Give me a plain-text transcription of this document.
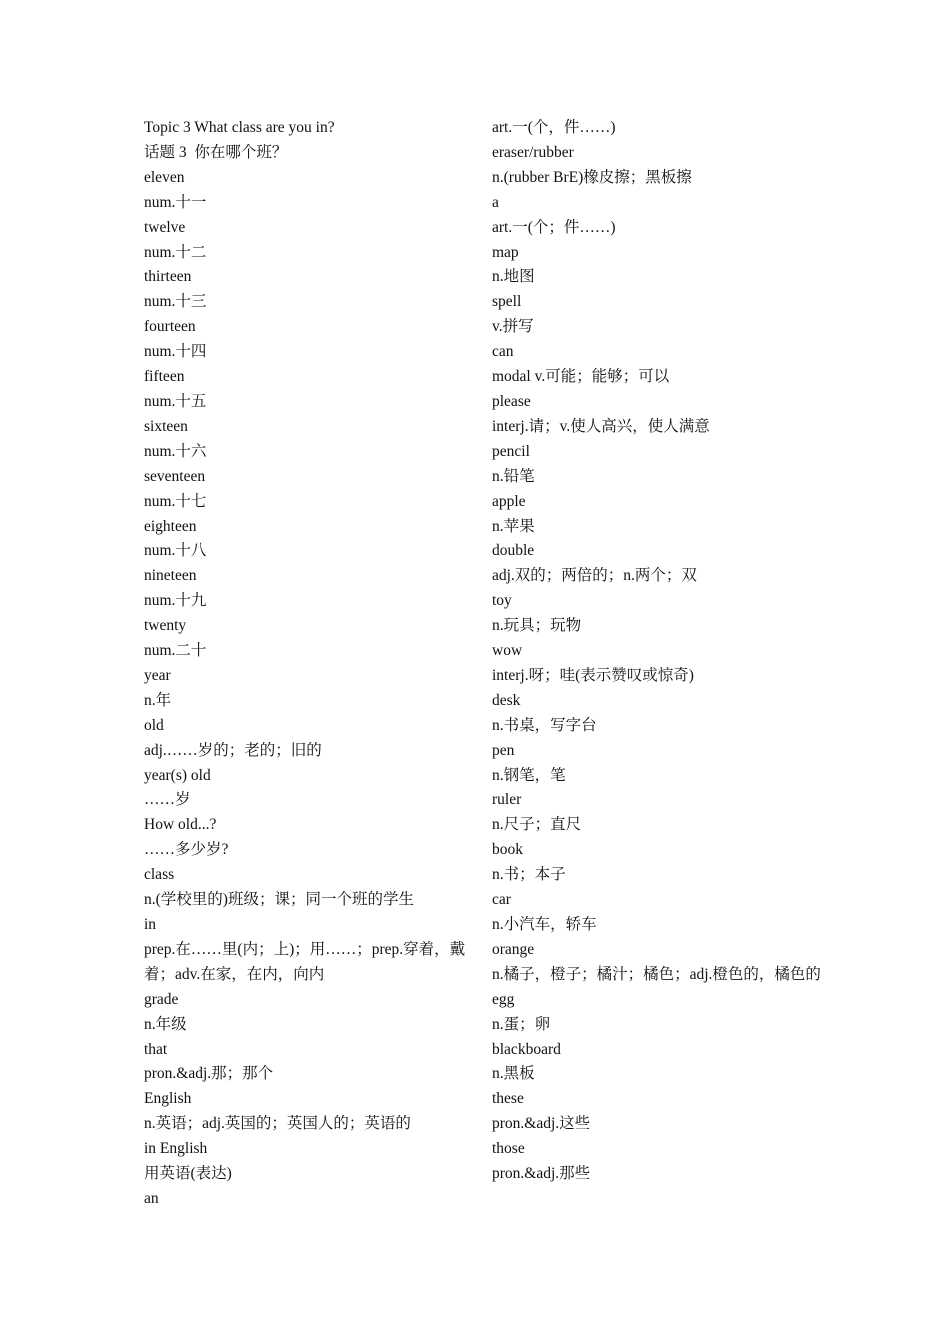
Topic 3 What class are you in?
话题 3  你在哪个班？
eleven
num.十一
twelve
num.十二
thirteen
num.十三
fourteen
num.十四
fifteen
num.十五
sixteen
num.十六
seventeen
num.十七
eighteen
num.十八
nineteen
num.十九
twenty
num.二十
year
n.年
old
adj.……岁的；老的；旧的
year(s) old
……岁
How old...?
……多少岁?
class
n.(学校里的)班级；课；同一个班的学生
in
prep.在……里(内；上)；用……；prep.穿着，戴着；adv.在家，在内，向内
grade
n.年级
that
pron.&adj.那；那个
English
n.英语；adj.英国的；英国人的；英语的
in English
用英语(表达)
an
art.一(个，件……)
eraser/rubber
n.(rubber BrE)橡皮擦；黑板擦
a
art.一(个；件……)
map
n.地图
spell
v.拼写
can
modal v.可能；能够；可以
please
interj.请；v.使人高兴，使人满意
pencil
n.铅笔
apple
n.苹果
double
adj.双的；两倍的；n.两个；双
toy
n.玩具；玩物
wow
interj.呀；哇(表示赞叹或惊奇)
desk
n.书桌，写字台
pen
n.钢笔，笔
ruler
n.尺子；直尺
book
n.书；本子
car
n.小汽车，轿车
orange
n.橘子，橙子；橘汁；橘色；adj.橙色的，橘色的
egg
n.蛋；卵
blackboard
n.黑板
these
pron.&adj.这些
those
pron.&adj.那些
